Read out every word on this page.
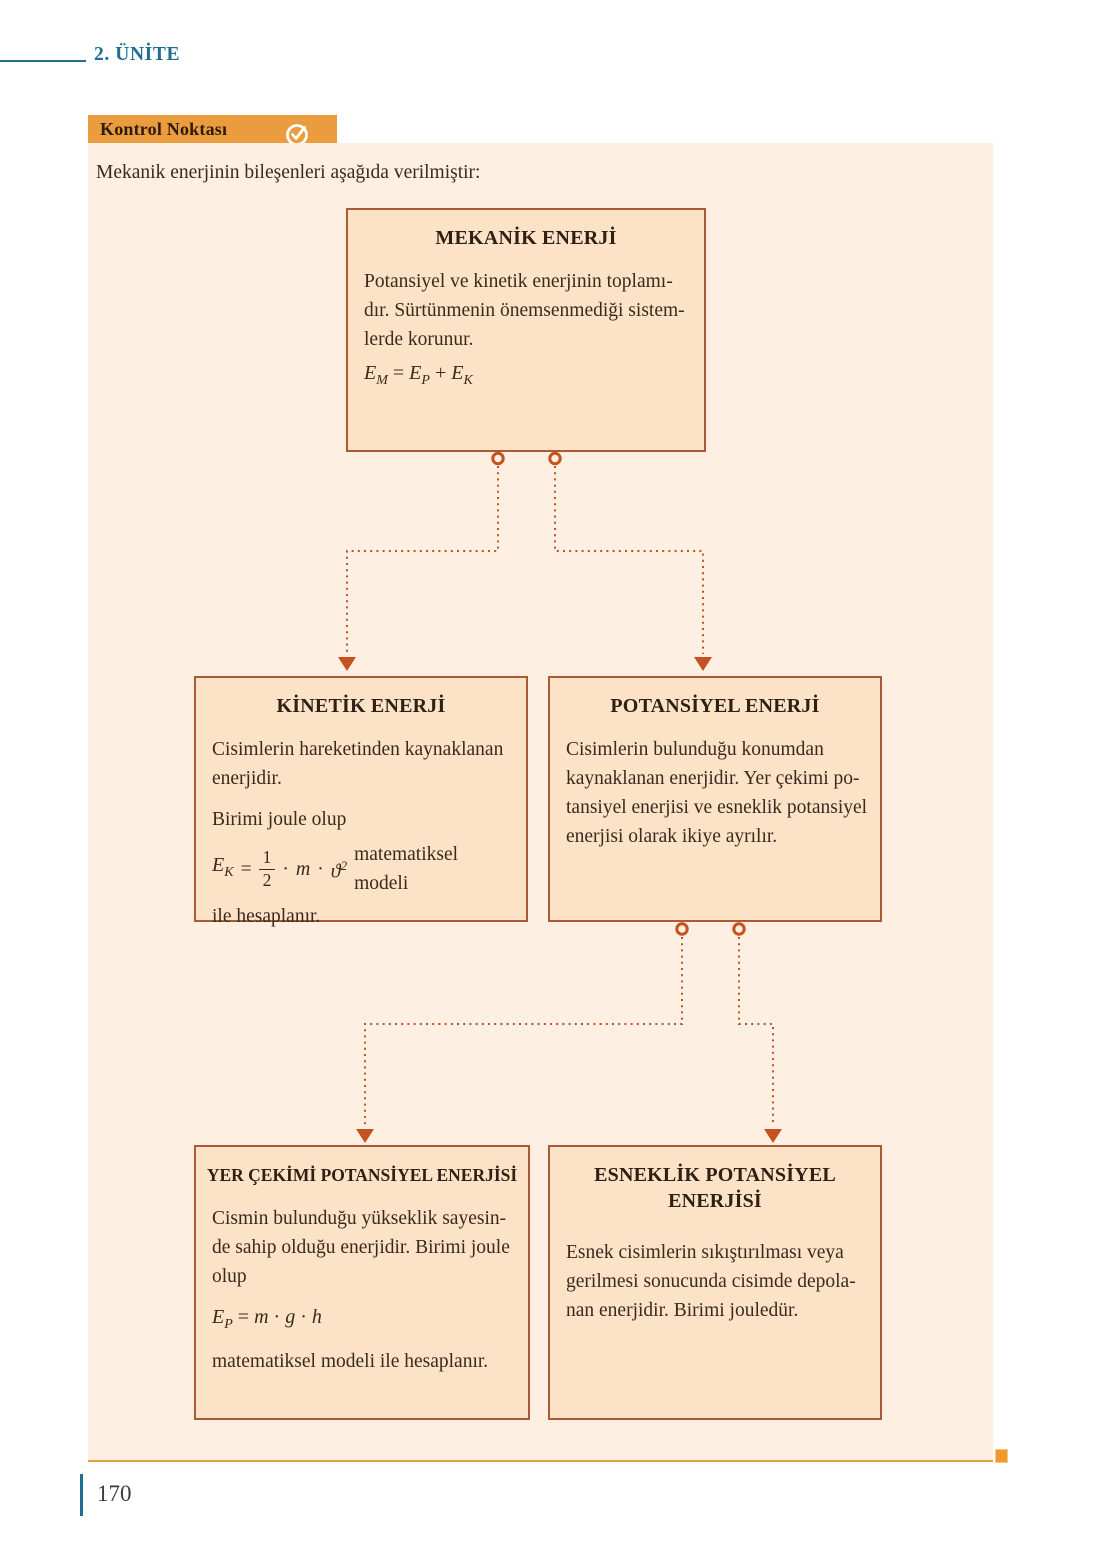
2. ÜNİTE
Kontrol Noktası
Mekanik enerjinin bileşenleri aşağıda verilmiştir:
MEKANİK ENERJİ
Potansiyel ve kinetik enerjinin toplamı-
dır. Sürtünmenin önemsenmediği sistem-
lerde korunur.
$E_M = E_P + E_K$
KİNETİK ENERJİ
Cisimlerin hareketinden kaynaklanan
enerjidir.
Birimi joule olup
$E_K = \frac{1}{2} \cdot m \cdot ϑ^2$
matematiksel modeli
ile hesaplanır.
POTANSİYEL ENERJİ
Cisimlerin bulunduğu konumdan
kaynaklanan enerjidir. Yer çekimi po-
tansiyel enerjisi ve esneklik potansiyel
enerjisi olarak ikiye ayrılır.
YER ÇEKİMİ POTANSİYEL ENERJİSİ
Cismin bulunduğu yükseklik sayesin-
de sahip olduğu enerjidir. Birimi joule
olup
$E_P = m \cdot g \cdot h$
matematiksel modeli ile hesaplanır.
ESNEKLİK POTANSİYEL
ENERJİSİ
Esnek cisimlerin sıkıştırılması veya
gerilmesi sonucunda cisimde depola-
nan enerjidir. Birimi jouledür.
170
